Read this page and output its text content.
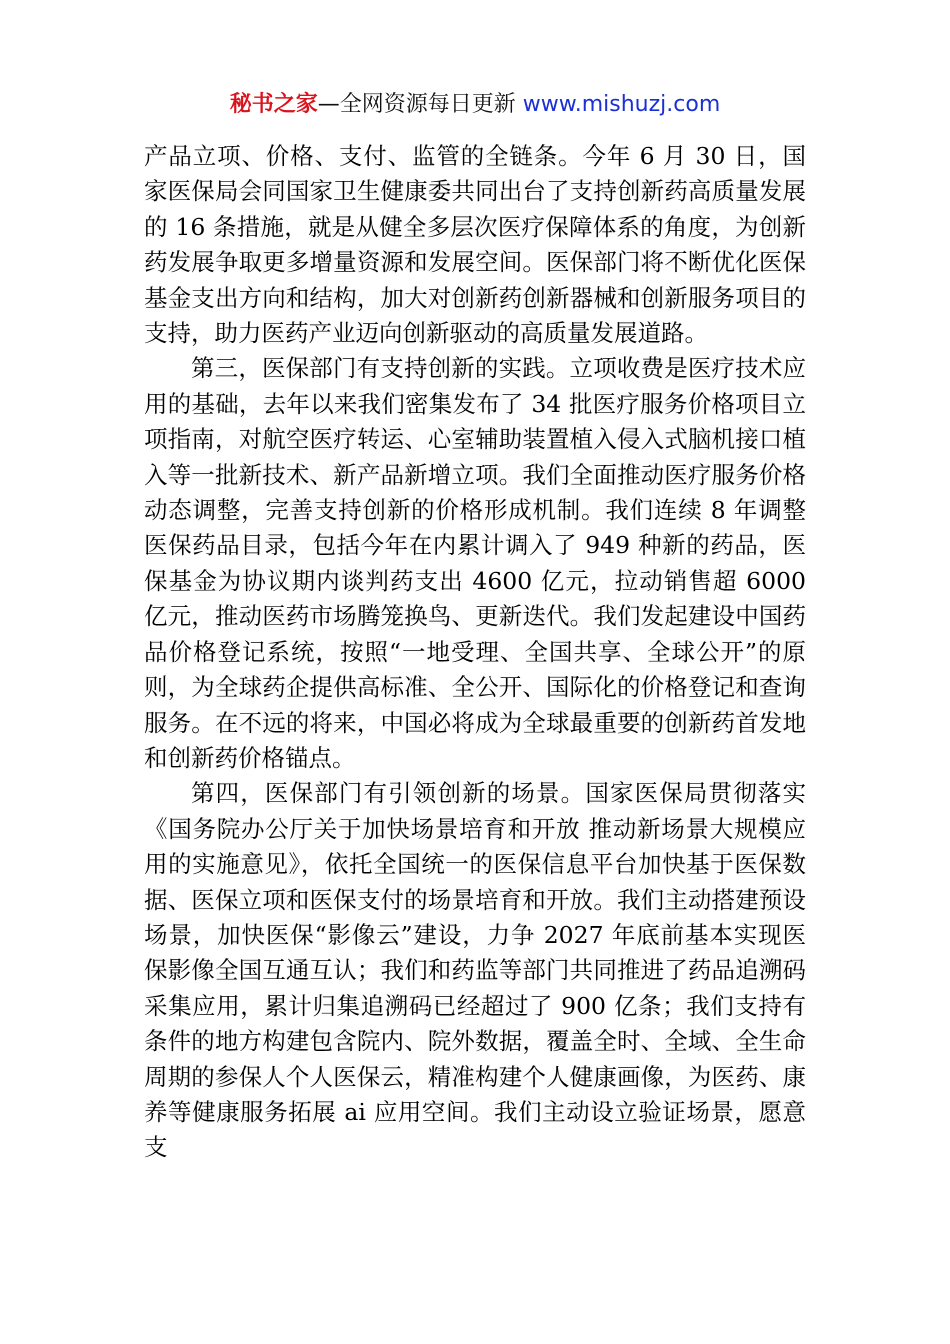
秘书之家—全网资源每日更新 www.mishuzj.com

产品立项、价格、支付、监管的全链条。今年 6 月 30 日，国家医保局会同国家卫生健康委共同出台了支持创新药高质量发展的 16 条措施，就是从健全多层次医疗保障体系的角度，为创新药发展争取更多增量资源和发展空间。医保部门将不断优化医保基金支出方向和结构，加大对创新药创新器械和创新服务项目的支持，助力医药产业迈向创新驱动的高质量发展道路。

第三，医保部门有支持创新的实践。立项收费是医疗技术应用的基础，去年以来我们密集发布了 34 批医疗服务价格项目立项指南，对航空医疗转运、心室辅助装置植入侵入式脑机接口植入等一批新技术、新产品新增立项。我们全面推动医疗服务价格动态调整，完善支持创新的价格形成机制。我们连续 8 年调整医保药品目录，包括今年在内累计调入了 949 种新的药品，医保基金为协议期内谈判药支出 4600 亿元，拉动销售超 6000 亿元，推动医药市场腾笼换鸟、更新迭代。我们发起建设中国药品价格登记系统，按照“一地受理、全国共享、全球公开”的原则，为全球药企提供高标准、全公开、国际化的价格登记和查询服务。在不远的将来，中国必将成为全球最重要的创新药首发地和创新药价格锚点。

第四，医保部门有引领创新的场景。国家医保局贯彻落实《国务院办公厅关于加快场景培育和开放 推动新场景大规模应用的实施意见》，依托全国统一的医保信息平台加快基于医保数据、医保立项和医保支付的场景培育和开放。我们主动搭建预设场景，加快医保“影像云”建设，力争 2027 年底前基本实现医保影像全国互通互认；我们和药监等部门共同推进了药品追溯码采集应用，累计归集追溯码已经超过了 900 亿条；我们支持有条件的地方构建包含院内、院外数据，覆盖全时、全域、全生命周期的参保人个人医保云，精准构建个人健康画像，为医药、康养等健康服务拓展 ai 应用空间。我们主动设立验证场景，愿意支
